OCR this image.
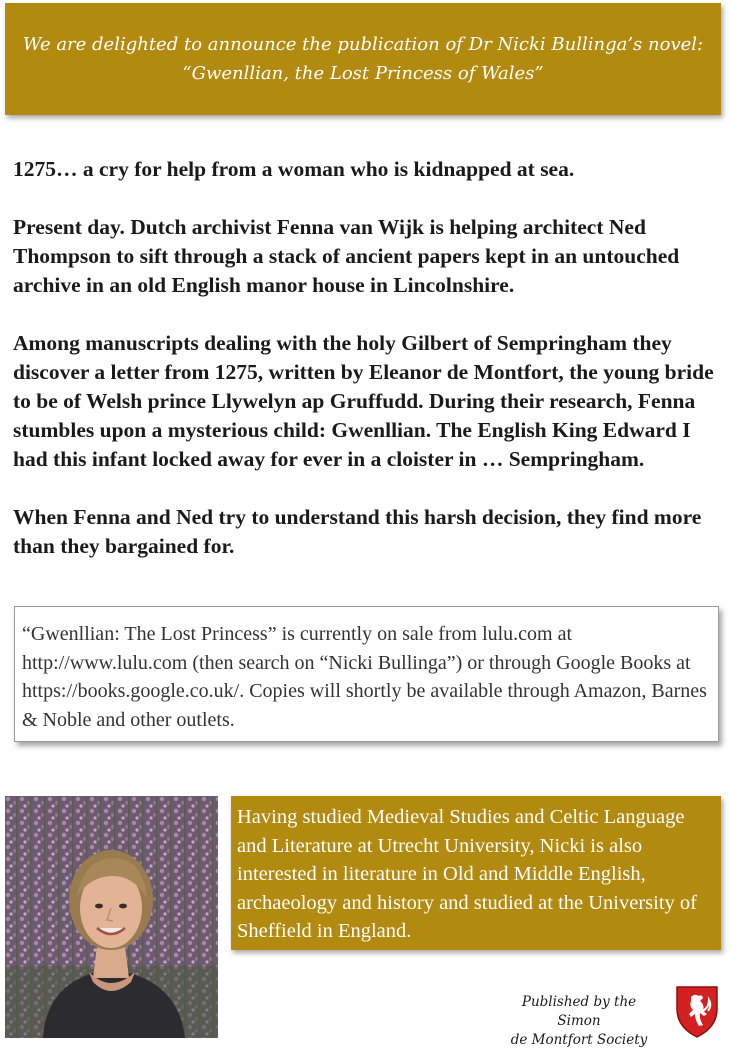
We are delighted to announce the publication of Dr Nicki Bullinga’s novel:
“Gwenllian, the Lost Princess of Wales”

1275… a cry for help from a woman who is kidnapped at sea.

Present day. Dutch archivist Fenna van Wijk is helping architect Ned Thompson to sift through a stack of ancient papers kept in an untouched archive in an old English manor house in Lincolnshire.

Among manuscripts dealing with the holy Gilbert of Sempringham they discover a letter from 1275, written by Eleanor de Montfort, the young bride to be of Welsh prince Llywelyn ap Gruffudd. During their research, Fenna stumbles upon a mysterious child: Gwenllian. The English King Edward I had this infant locked away for ever in a cloister in … Sempringham.

When Fenna and Ned try to understand this harsh decision, they find more than they bargained for.

“Gwenllian: The Lost Princess” is currently on sale from lulu.com at http://www.lulu.com (then search on “Nicki Bullinga”) or through Google Books at https://books.google.co.uk/. Copies will shortly be available through Amazon, Barnes & Noble and other outlets.
Having studied Medieval Studies and Celtic Language and Literature at Utrecht University, Nicki is also interested in literature in Old and Middle English, archaeology and history and studied at the University of Sheffield in England.
Published by the Simon
de Montfort Society
